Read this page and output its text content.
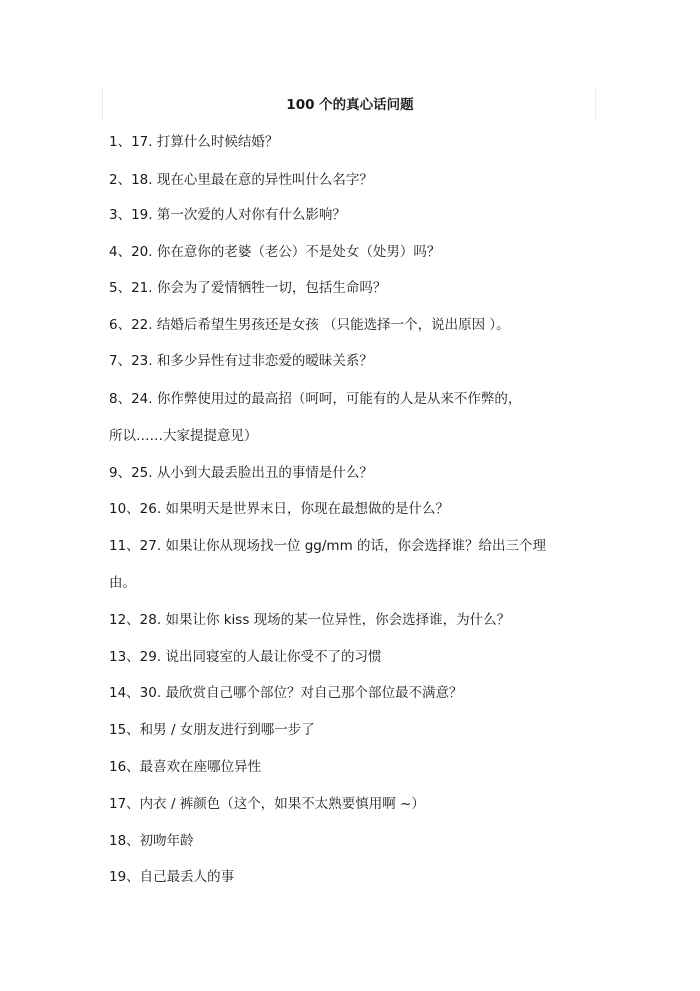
100 个的真心话问题
1、17. 打算什么时候结婚？
2、18. 现在心里最在意的异性叫什么名字？
3、19. 第一次爱的人对你有什么影响？
4、20. 你在意你的老婆（老公）不是处女（处男）吗？
5、21. 你会为了爱情牺牲一切，包括生命吗？
6、22. 结婚后希望生男孩还是女孩 （只能选择一个，说出原因 ）。
7、23. 和多少异性有过非恋爱的暧昧关系？
8、24. 你作弊使用过的最高招（呵呵，可能有的人是从来不作弊的，
所以……大家提提意见）
9、25. 从小到大最丢脸出丑的事情是什么？
10、26. 如果明天是世界末日，你现在最想做的是什么？
11、27. 如果让你从现场找一位 gg/mm 的话，你会选择谁？给出三个理
由。
12、28. 如果让你 kiss 现场的某一位异性，你会选择谁，为什么？
13、29. 说出同寝室的人最让你受不了的习惯
14、30. 最欣赏自己哪个部位？对自己那个部位最不满意？
15、和男 / 女朋友进行到哪一步了
16、最喜欢在座哪位异性
17、内衣 / 裤颜色（这个，如果不太熟要慎用啊 ~）
18、初吻年龄
19、自己最丢人的事
